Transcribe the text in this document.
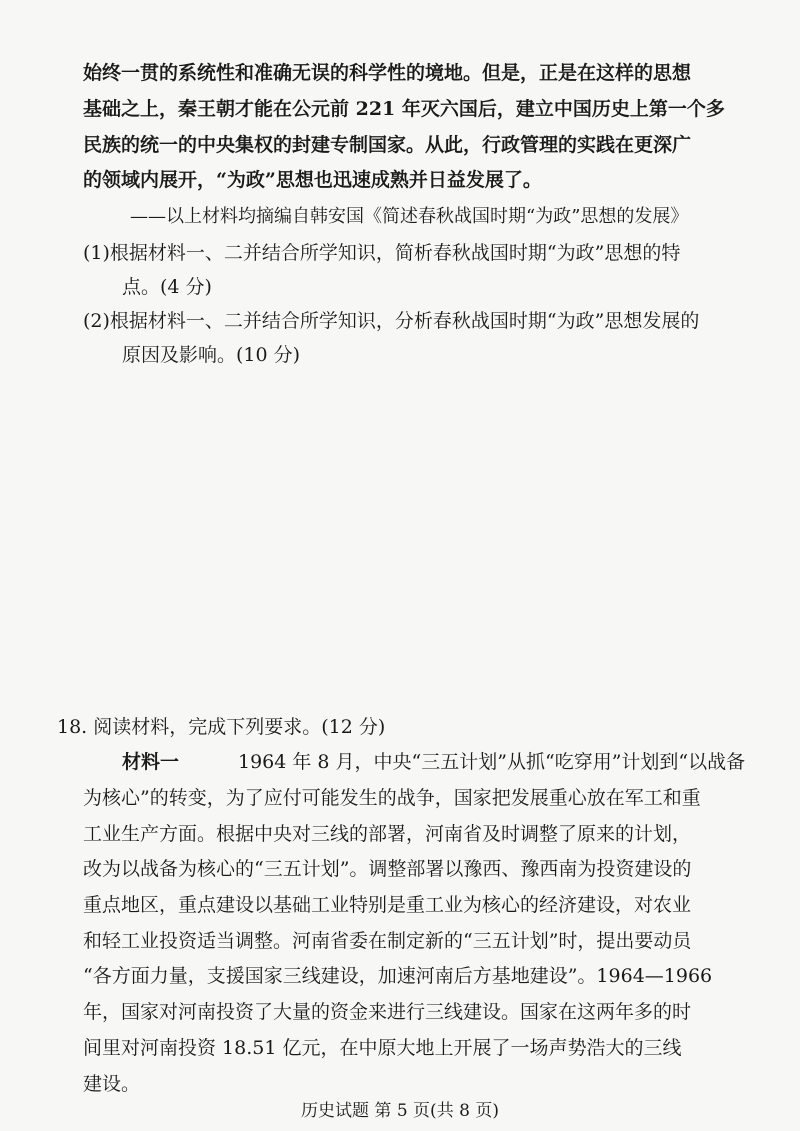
始终一贯的系统性和准确无误的科学性的境地。但是，正是在这样的思想
基础之上，秦王朝才能在公元前 221 年灭六国后，建立中国历史上第一个多
民族的统一的中央集权的封建专制国家。从此，行政管理的实践在更深广
的领域内展开，“为政”思想也迅速成熟并日益发展了。
——以上材料均摘编自韩安国《简述春秋战国时期“为政”思想的发展》
(1)根据材料一、二并结合所学知识，简析春秋战国时期“为政”思想的特
点。(4 分)
(2)根据材料一、二并结合所学知识，分析春秋战国时期“为政”思想发展的
原因及影响。(10 分)
18. 阅读材料，完成下列要求。(12 分)
材料一	1964 年 8 月，中央“三五计划”从抓“吃穿用”计划到“以战备
为核心”的转变，为了应付可能发生的战争，国家把发展重心放在军工和重
工业生产方面。根据中央对三线的部署，河南省及时调整了原来的计划，
改为以战备为核心的“三五计划”。调整部署以豫西、豫西南为投资建设的
重点地区，重点建设以基础工业特别是重工业为核心的经济建设，对农业
和轻工业投资适当调整。河南省委在制定新的“三五计划”时，提出要动员
“各方面力量，支援国家三线建设，加速河南后方基地建设”。1964—1966
年，国家对河南投资了大量的资金来进行三线建设。国家在这两年多的时
间里对河南投资 18.51 亿元，在中原大地上开展了一场声势浩大的三线
建设。
历史试题 第 5 页(共 8 页)
